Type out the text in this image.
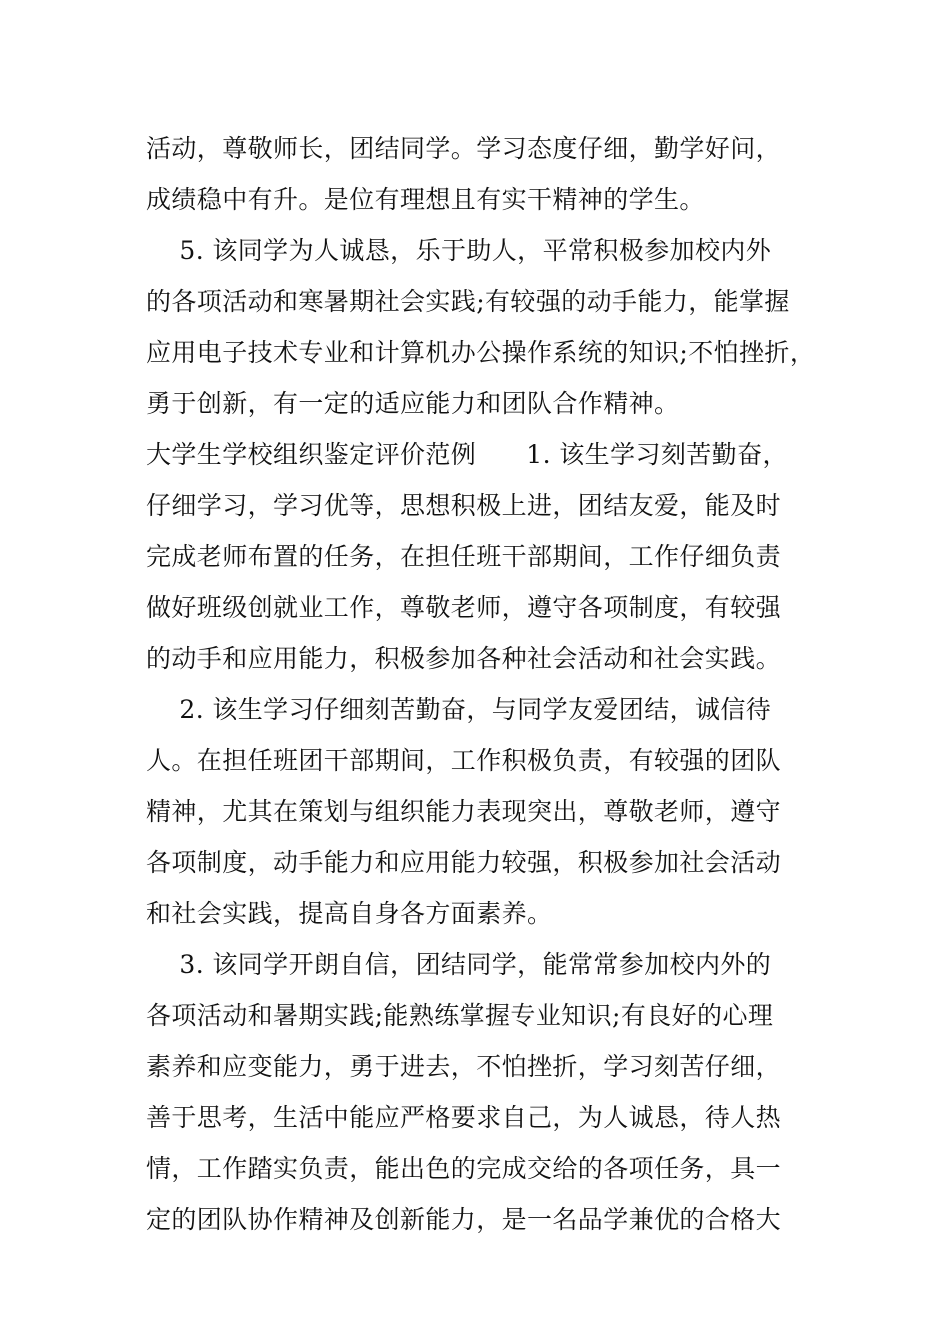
活动，尊敬师长，团结同学。学习态度仔细，勤学好问，
成绩稳中有升。是位有理想且有实干精神的学生。
5. 该同学为人诚恳，乐于助人，平常积极参加校内外
的各项活动和寒暑期社会实践;有较强的动手能力，能掌握
应用电子技术专业和计算机办公操作系统的知识;不怕挫折，
勇于创新，有一定的适应能力和团队合作精神。
大学生学校组织鉴定评价范例      1. 该生学习刻苦勤奋，
仔细学习，学习优等，思想积极上进，团结友爱，能及时
完成老师布置的任务，在担任班干部期间，工作仔细负责
做好班级创就业工作，尊敬老师，遵守各项制度，有较强
的动手和应用能力，积极参加各种社会活动和社会实践。
2. 该生学习仔细刻苦勤奋，与同学友爱团结，诚信待
人。在担任班团干部期间，工作积极负责，有较强的团队
精神，尤其在策划与组织能力表现突出，尊敬老师，遵守
各项制度，动手能力和应用能力较强，积极参加社会活动
和社会实践，提高自身各方面素养。
3. 该同学开朗自信，团结同学，能常常参加校内外的
各项活动和暑期实践;能熟练掌握专业知识;有良好的心理
素养和应变能力，勇于进去，不怕挫折，学习刻苦仔细，
善于思考，生活中能应严格要求自己，为人诚恳，待人热
情，工作踏实负责，能出色的完成交给的各项任务，具一
定的团队协作精神及创新能力，是一名品学兼优的合格大
